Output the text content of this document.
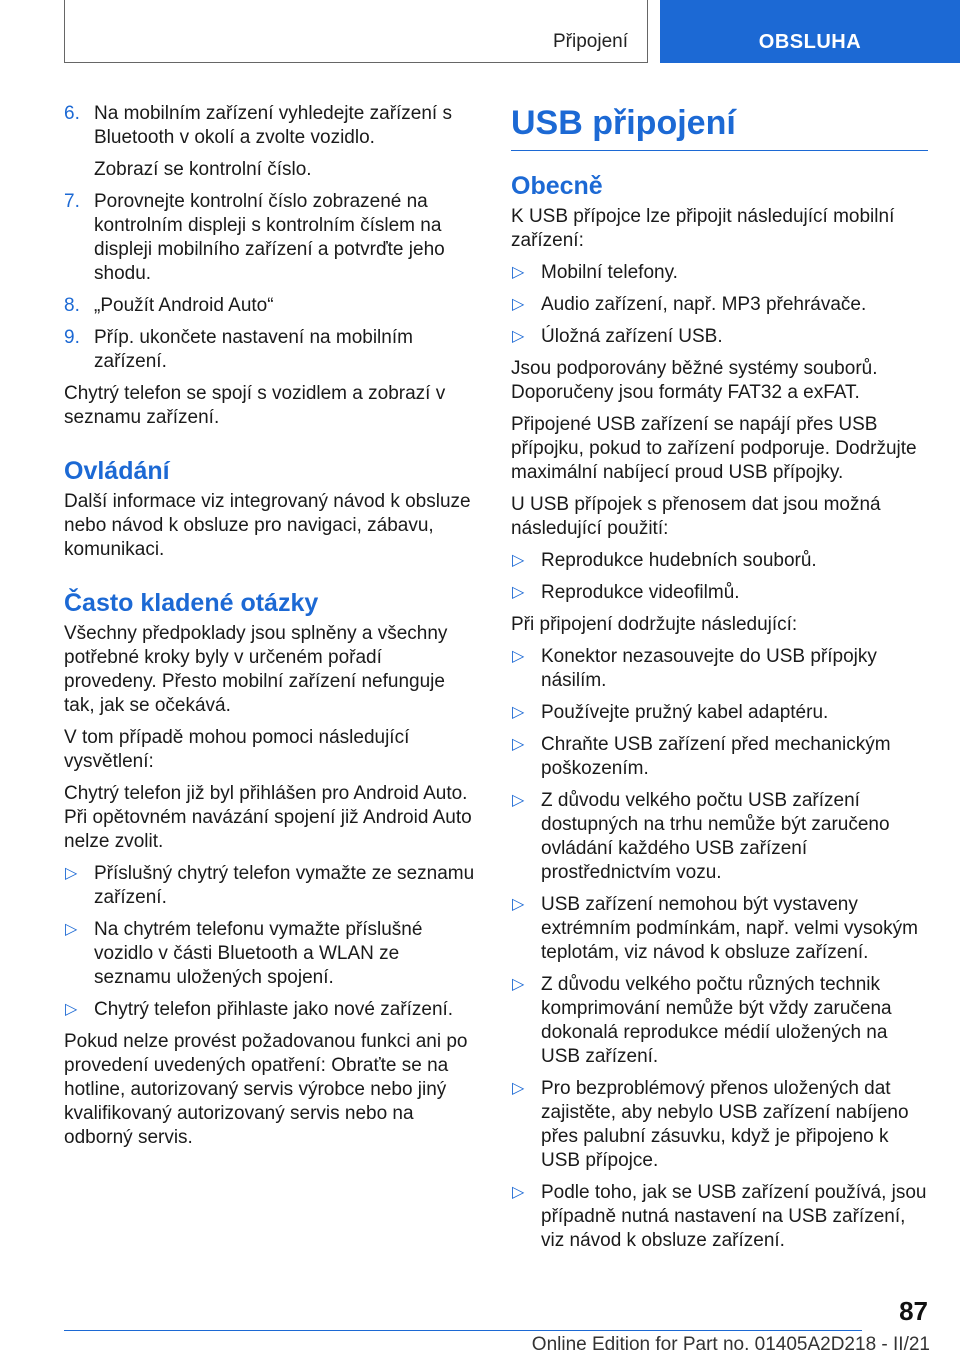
Připojení	OBSLUHA
6. Na mobilním zařízení vyhledejte zařízení s Bluetooth v okolí a zvolte vozidlo.

Zobrazí se kontrolní číslo.

7. Porovnejte kontrolní číslo zobrazené na kontrolním displeji s kontrolním číslem na displeji mobilního zařízení a potvrďte jeho shodu.
8. „Použít Android Auto“
9. Příp. ukončete nastavení na mobilním zařízení.

Chytrý telefon se spojí s vozidlem a zobrazí v seznamu zařízení.

Ovládání

Další informace viz integrovaný návod k obsluze nebo návod k obsluze pro navigaci, zábavu, komunikaci.

Často kladené otázky

Všechny předpoklady jsou splněny a všechny potřebné kroky byly v určeném pořadí provedeny. Přesto mobilní zařízení nefunguje tak, jak se očekává.

V tom případě mohou pomoci následující vysvětlení:

Chytrý telefon již byl přihlášen pro Android Auto. Při opětovném navázání spojení již Android Auto nelze zvolit.

▷ Příslušný chytrý telefon vymažte ze seznamu zařízení.
▷ Na chytrém telefonu vymažte příslušné vozidlo v části Bluetooth a WLAN ze seznamu uložených spojení.
▷ Chytrý telefon přihlaste jako nové zařízení.

Pokud nelze provést požadovanou funkci ani po provedení uvedených opatření: Obraťte se na hotline, autorizovaný servis výrobce nebo jiný kvalifikovaný autorizovaný servis nebo na odborný servis.

USB připojení
Obecně

K USB přípojce lze připojit následující mobilní zařízení:

▷ Mobilní telefony.
▷ Audio zařízení, např. MP3 přehrávače.
▷ Úložná zařízení USB.

Jsou podporovány běžné systémy souborů. Doporučeny jsou formáty FAT32 a exFAT.

Připojené USB zařízení se napájí přes USB přípojku, pokud to zařízení podporuje. Dodržujte maximální nabíjecí proud USB přípojky.

U USB přípojek s přenosem dat jsou možná následující použití:

▷ Reprodukce hudebních souborů.
▷ Reprodukce videofilmů.

Při připojení dodržujte následující:

▷ Konektor nezasouvejte do USB přípojky násilím.
▷ Používejte pružný kabel adaptéru.
▷ Chraňte USB zařízení před mechanickým poškozením.
▷ Z důvodu velkého počtu USB zařízení dostupných na trhu nemůže být zaručeno ovládání každého USB zařízení prostřednictvím vozu.
▷ USB zařízení nemohou být vystaveny extrémním podmínkám, např. velmi vysokým teplotám, viz návod k obsluze zařízení.
▷ Z důvodu velkého počtu různých technik komprimování nemůže být vždy zaručena dokonalá reprodukce médií uložených na USB zařízení.
▷ Pro bezproblémový přenos uložených dat zajistěte, aby nebylo USB zařízení nabíjeno přes palubní zásuvku, když je připojeno k USB přípojce.
▷ Podle toho, jak se USB zařízení používá, jsou případně nutná nastavení na USB zařízení, viz návod k obsluze zařízení.
87
Online Edition for Part no. 01405A2D218 - II/21
